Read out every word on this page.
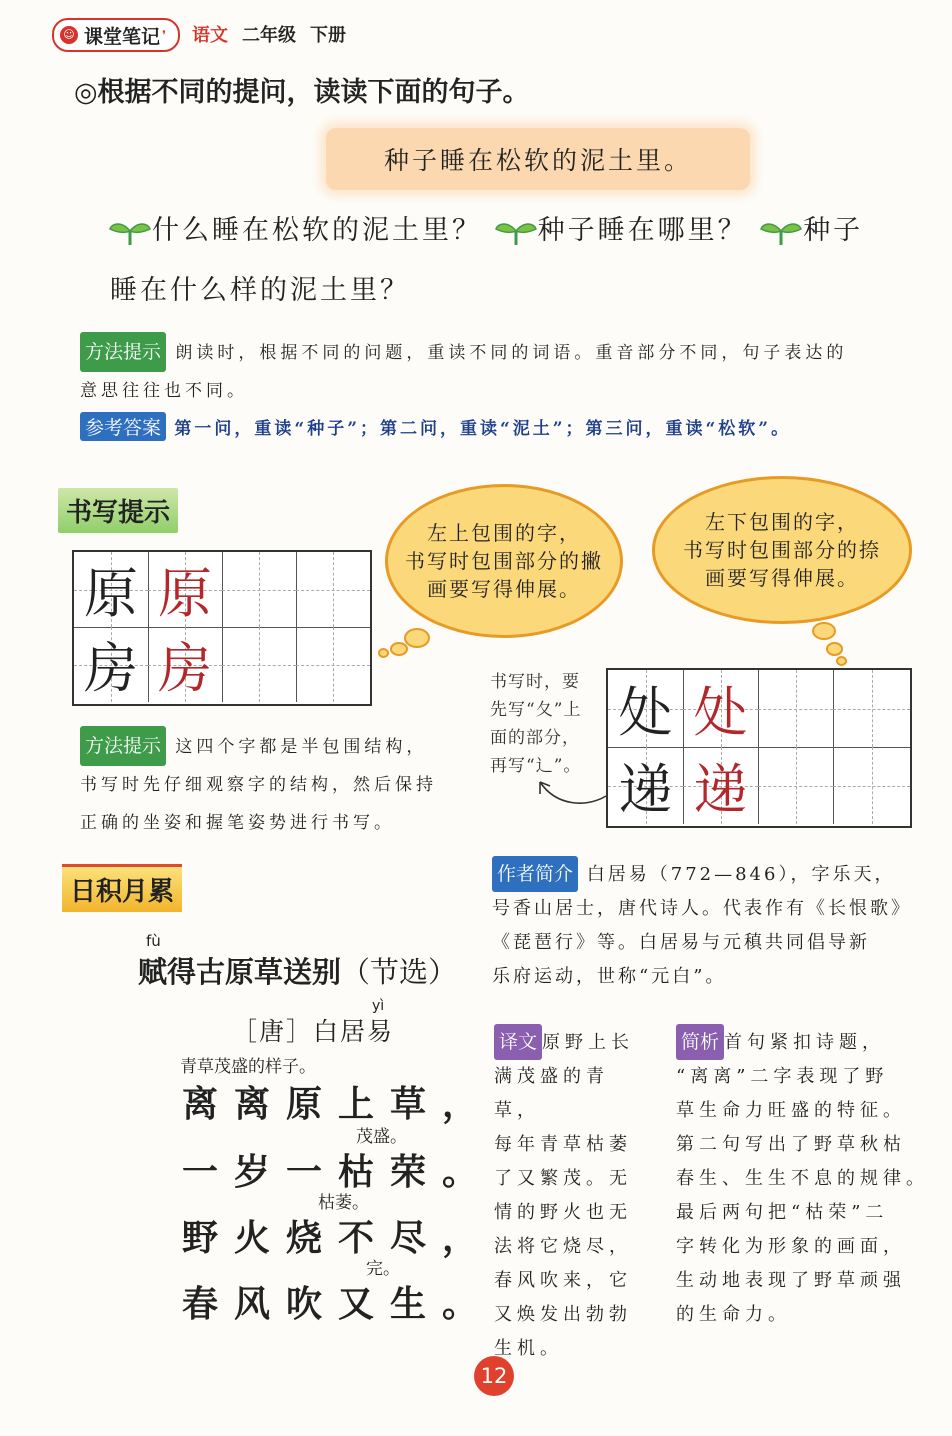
☺ 课堂笔记 ❜ 语文 二年级 下册
◎根据不同的提问，读读下面的句子。
种子睡在松软的泥土里。
什么睡在松软的泥土里？ 种子睡在哪里？ 种子
睡在什么样的泥土里？
方法提示 朗读时，根据不同的问题，重读不同的词语。重音部分不同，句子表达的
意思往往也不同。
参考答案 第一问，重读“种子”；第二问，重读“泥土”；第三问，重读“松软”。
书写提示
原 原
房 房
左上包围的字，
书写时包围部分的撇
画要写得伸展。
左下包围的字，
书写时包围部分的捺
画要写得伸展。
书写时，要
先写“夂”上
面的部分，
再写“辶”。
处 处
递 递
方法提示 这四个字都是半包围结构，
书写时先仔细观察字的结构，然后保持
正确的坐姿和握笔姿势进行书写。
日积月累
fù
赋得古原草送别（节选）
yì
［唐］白居易
青草茂盛的样子。
离离原上草，
茂盛。
一岁一枯荣。
枯萎。
野火烧不尽，
完。
春风吹又生。
作者简介 白居易（772—846），字乐天，
号香山居士，唐代诗人。代表作有《长恨歌》
《琵琶行》等。白居易与元稹共同倡导新
乐府运动，世称“元白”。
译文 原野上长
满茂盛的青草，
每年青草枯萎
了又繁茂。无
情的野火也无
法将它烧尽，
春风吹来，它
又焕发出勃勃
生机。
简析 首句紧扣诗题，
“离离”二字表现了野
草生命力旺盛的特征。
第二句写出了野草秋枯
春生、生生不息的规律。
最后两句把“枯荣”二
字转化为形象的画面，
生动地表现了野草顽强
的生命力。
12
